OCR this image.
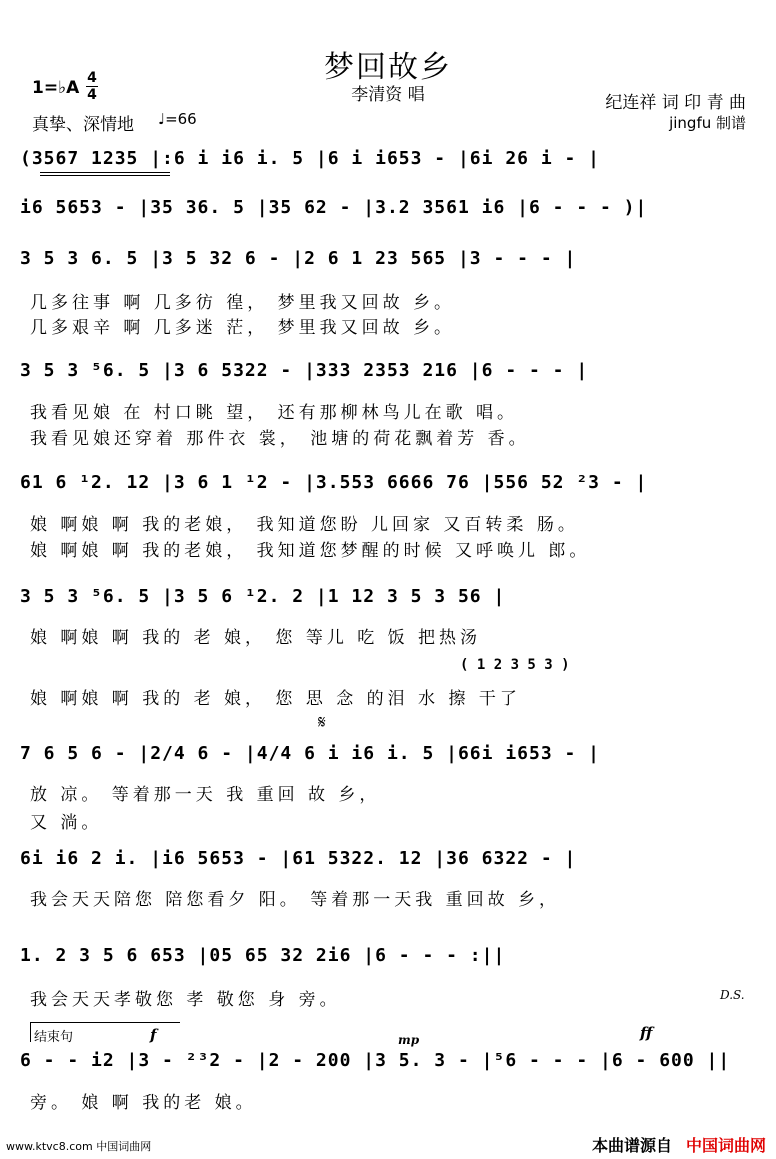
梦回故乡
李清资 唱
1=♭A 4
4
真挚、深情地 ♩=66
纪连祥 词 印 青 曲
jingfu 制谱
(3567 1235 |:6 i i6 i. 5 |6 i i653 - |6i 26 i - |
i6 5653 - |35 36. 5 |35 62 - |3.2 3561 i6 |6 - - - )|
3 5 3 6. 5 |3 5 32 6 - |2 6 1 23 565 |3 - - - |
几多往事 啊 几多彷 徨， 梦里我又回故 乡。
几多艰辛 啊 几多迷 茫， 梦里我又回故 乡。
3 5 3 ⁵6. 5 |3 6 5322 - |333 2353 216 |6 - - - |
我看见娘 在 村口眺 望， 还有那柳林鸟儿在歌 唱。
我看见娘还穿着 那件衣 裳， 池塘的荷花飘着芳 香。
61 6 ¹2. 12 |3 6 1 ¹2 - |3.553 6666 76 |556 52 ²3 - |
娘 啊娘 啊 我的老娘， 我知道您盼 儿回家 又百转柔 肠。
娘 啊娘 啊 我的老娘， 我知道您梦醒的时候 又呼唤儿 郎。
3 5 3 ⁵6. 5 |3 5 6 ¹2. 2 |1 12 3 5 3 56 |
娘 啊娘 啊 我的 老 娘， 您 等儿 吃 饭 把热汤
( 1 2 3 5 3 )
娘 啊娘 啊 我的 老 娘， 您 思 念 的泪 水 擦 干了
𝄋
7 6 5 6 - |2/4 6 - |4/4 6 i i6 i. 5 |66i i653 - |
放 凉。 等着那一天 我 重回 故 乡，
又 淌。
6i i6 2 i. |i6 5653 - |61 5322. 12 |36 6322 - |
我会天天陪您 陪您看夕 阳。 等着那一天我 重回故 乡，
1. 2 3 5 6 653 |05 65 32 2i6 |6 - - - :||
我会天天孝敬您 孝 敬您 身 旁。	D.S.
结束句	f	mp	ff
6 - - i2 |3 - ²³2 - |2 - 200 |3 5. 3 - |⁵6 - - - |6 - 600 ||
旁。 娘 啊 我的老 娘。
www.ktvc8.com 中国词曲网	本曲谱源自 中国词曲网
